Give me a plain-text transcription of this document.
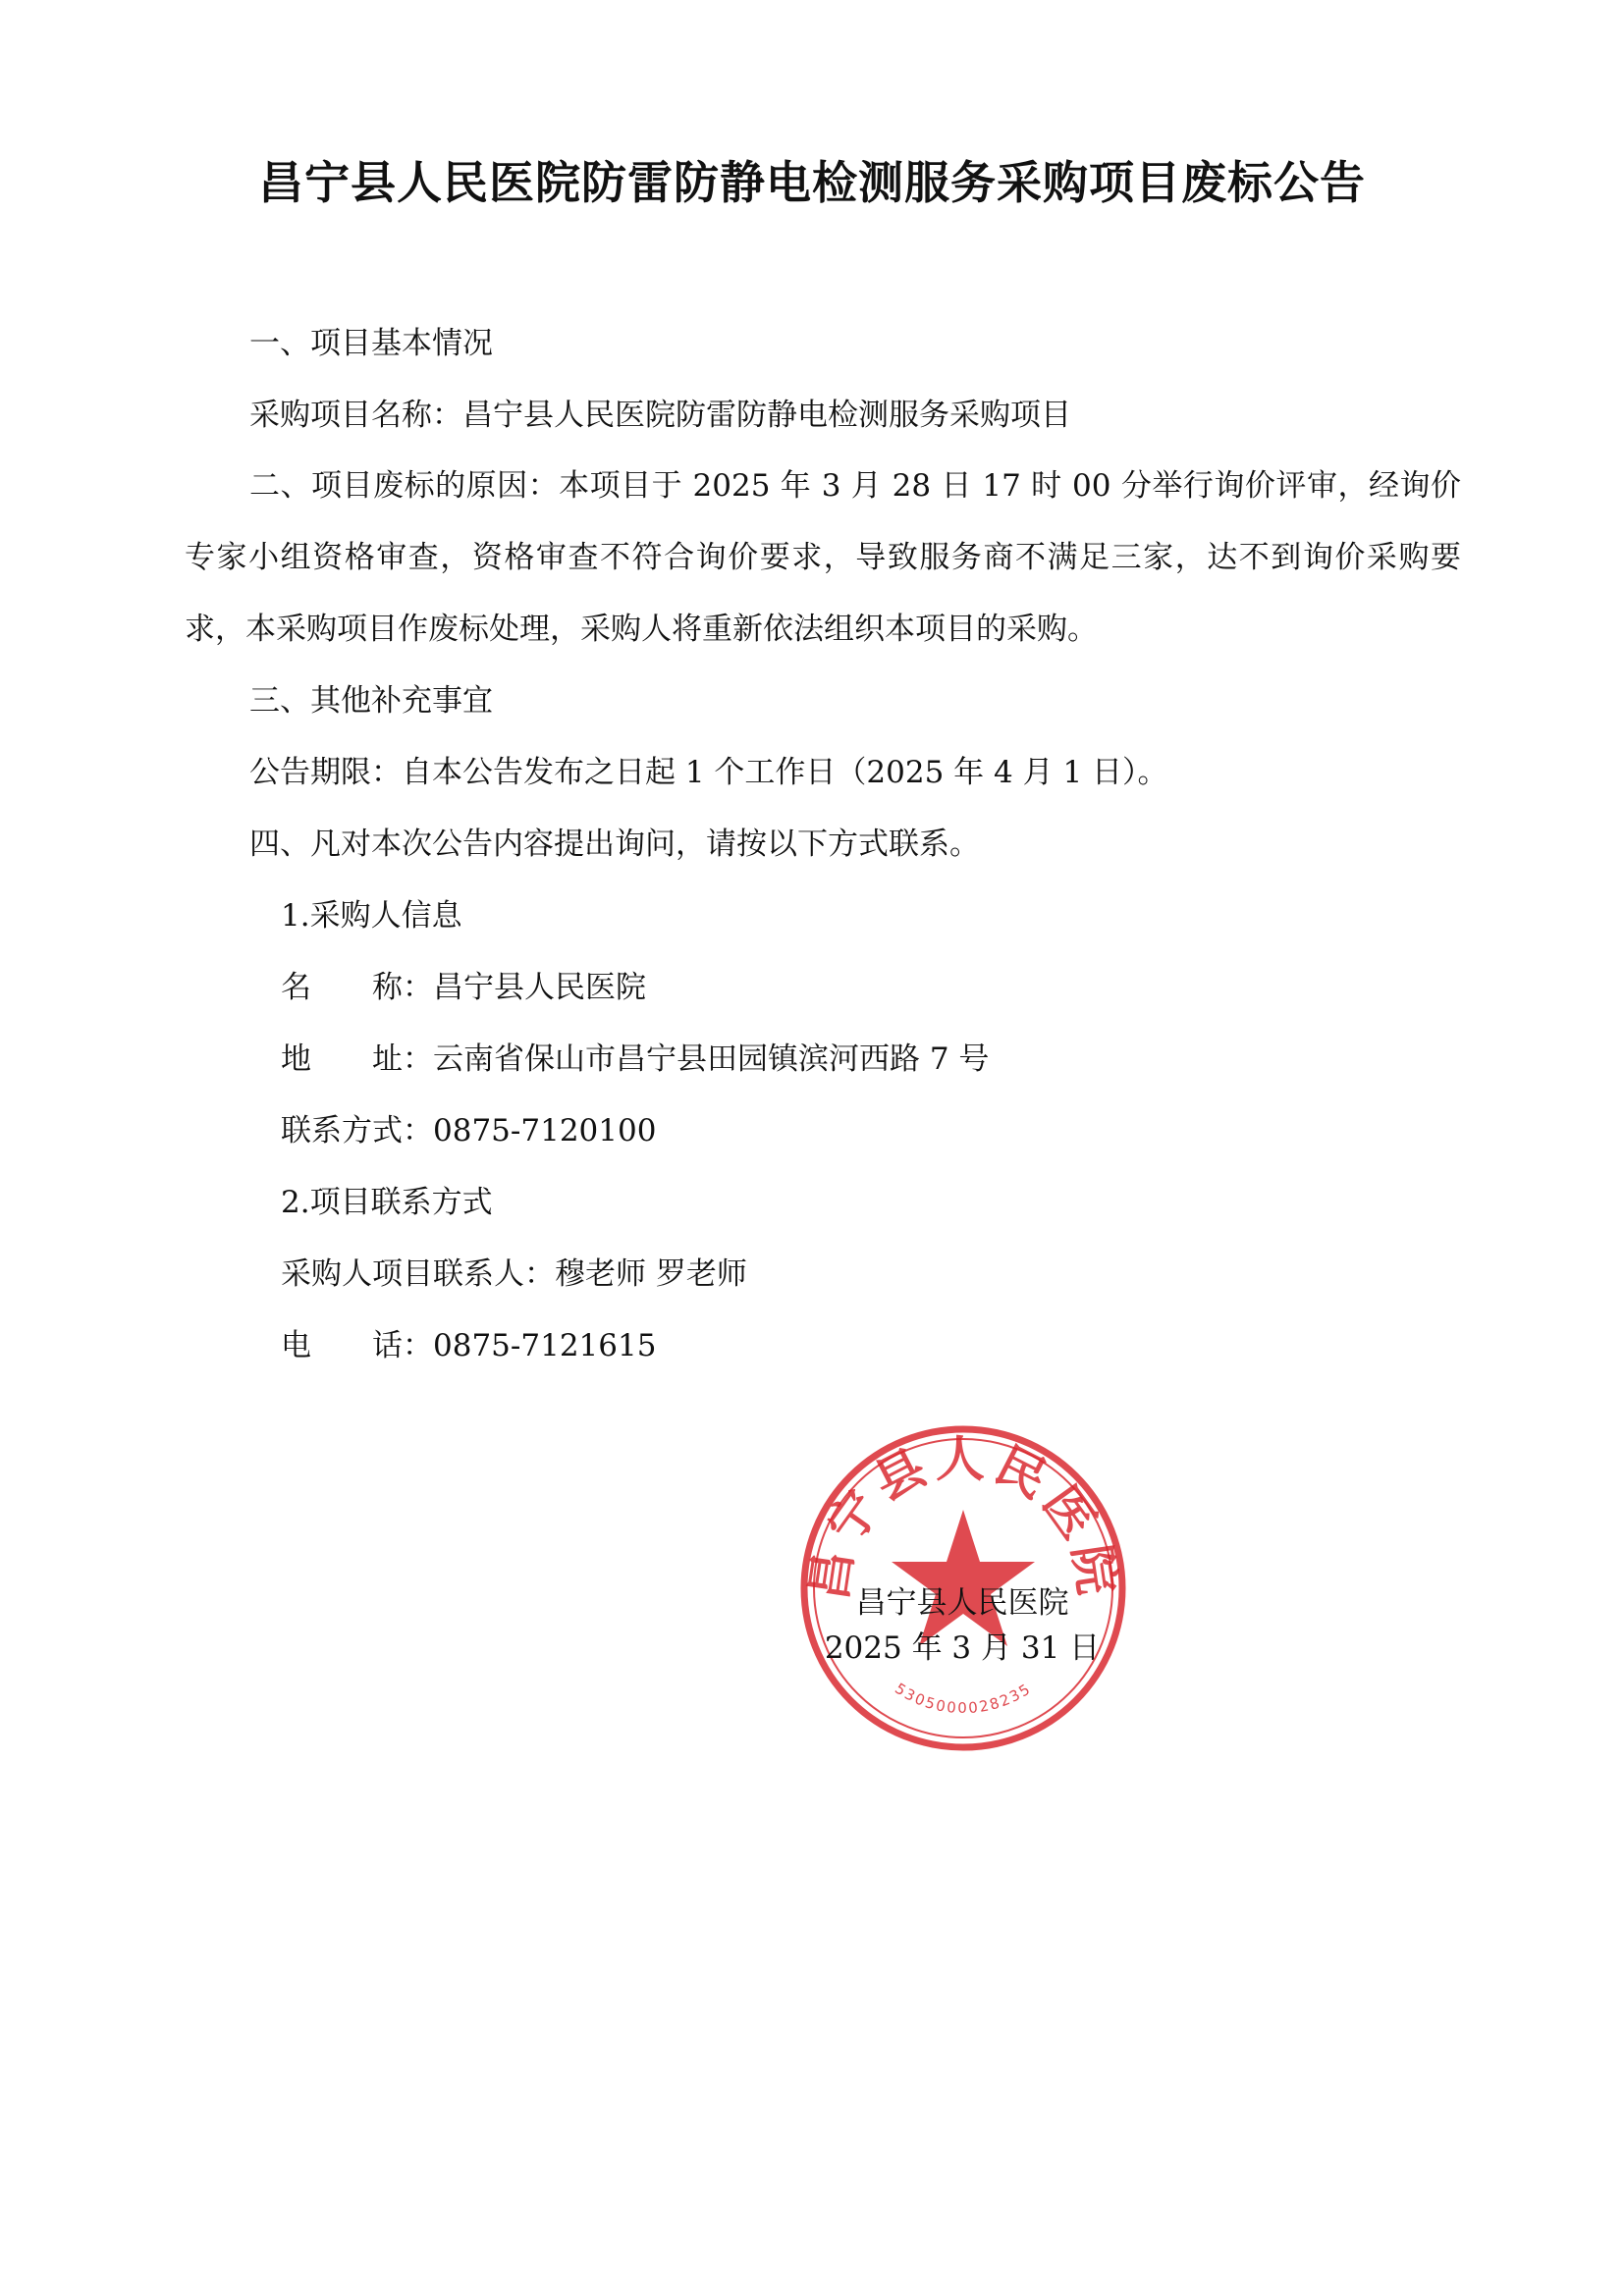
昌宁县人民医院防雷防静电检测服务采购项目废标公告
一、项目基本情况
采购项目名称：昌宁县人民医院防雷防静电检测服务采购项目
二、项目废标的原因：本项目于 2025 年 3 月 28 日 17 时 00 分举行询价评审，经询价专家小组资格审查，资格审查不符合询价要求，导致服务商不满足三家，达不到询价采购要求，本采购项目作废标处理，采购人将重新依法组织本项目的采购。
三、其他补充事宜
公告期限：自本公告发布之日起 1 个工作日（2025 年 4 月 1 日）。
四、凡对本次公告内容提出询问，请按以下方式联系。
1.采购人信息
名　　称：昌宁县人民医院
地　　址：云南省保山市昌宁县田园镇滨河西路 7 号
联系方式：0875-7120100
2.项目联系方式
采购人项目联系人：穆老师 罗老师
电　　话：0875-7121615
昌宁县人民医院
5305000028235
昌宁县人民医院
2025 年 3 月 31 日
